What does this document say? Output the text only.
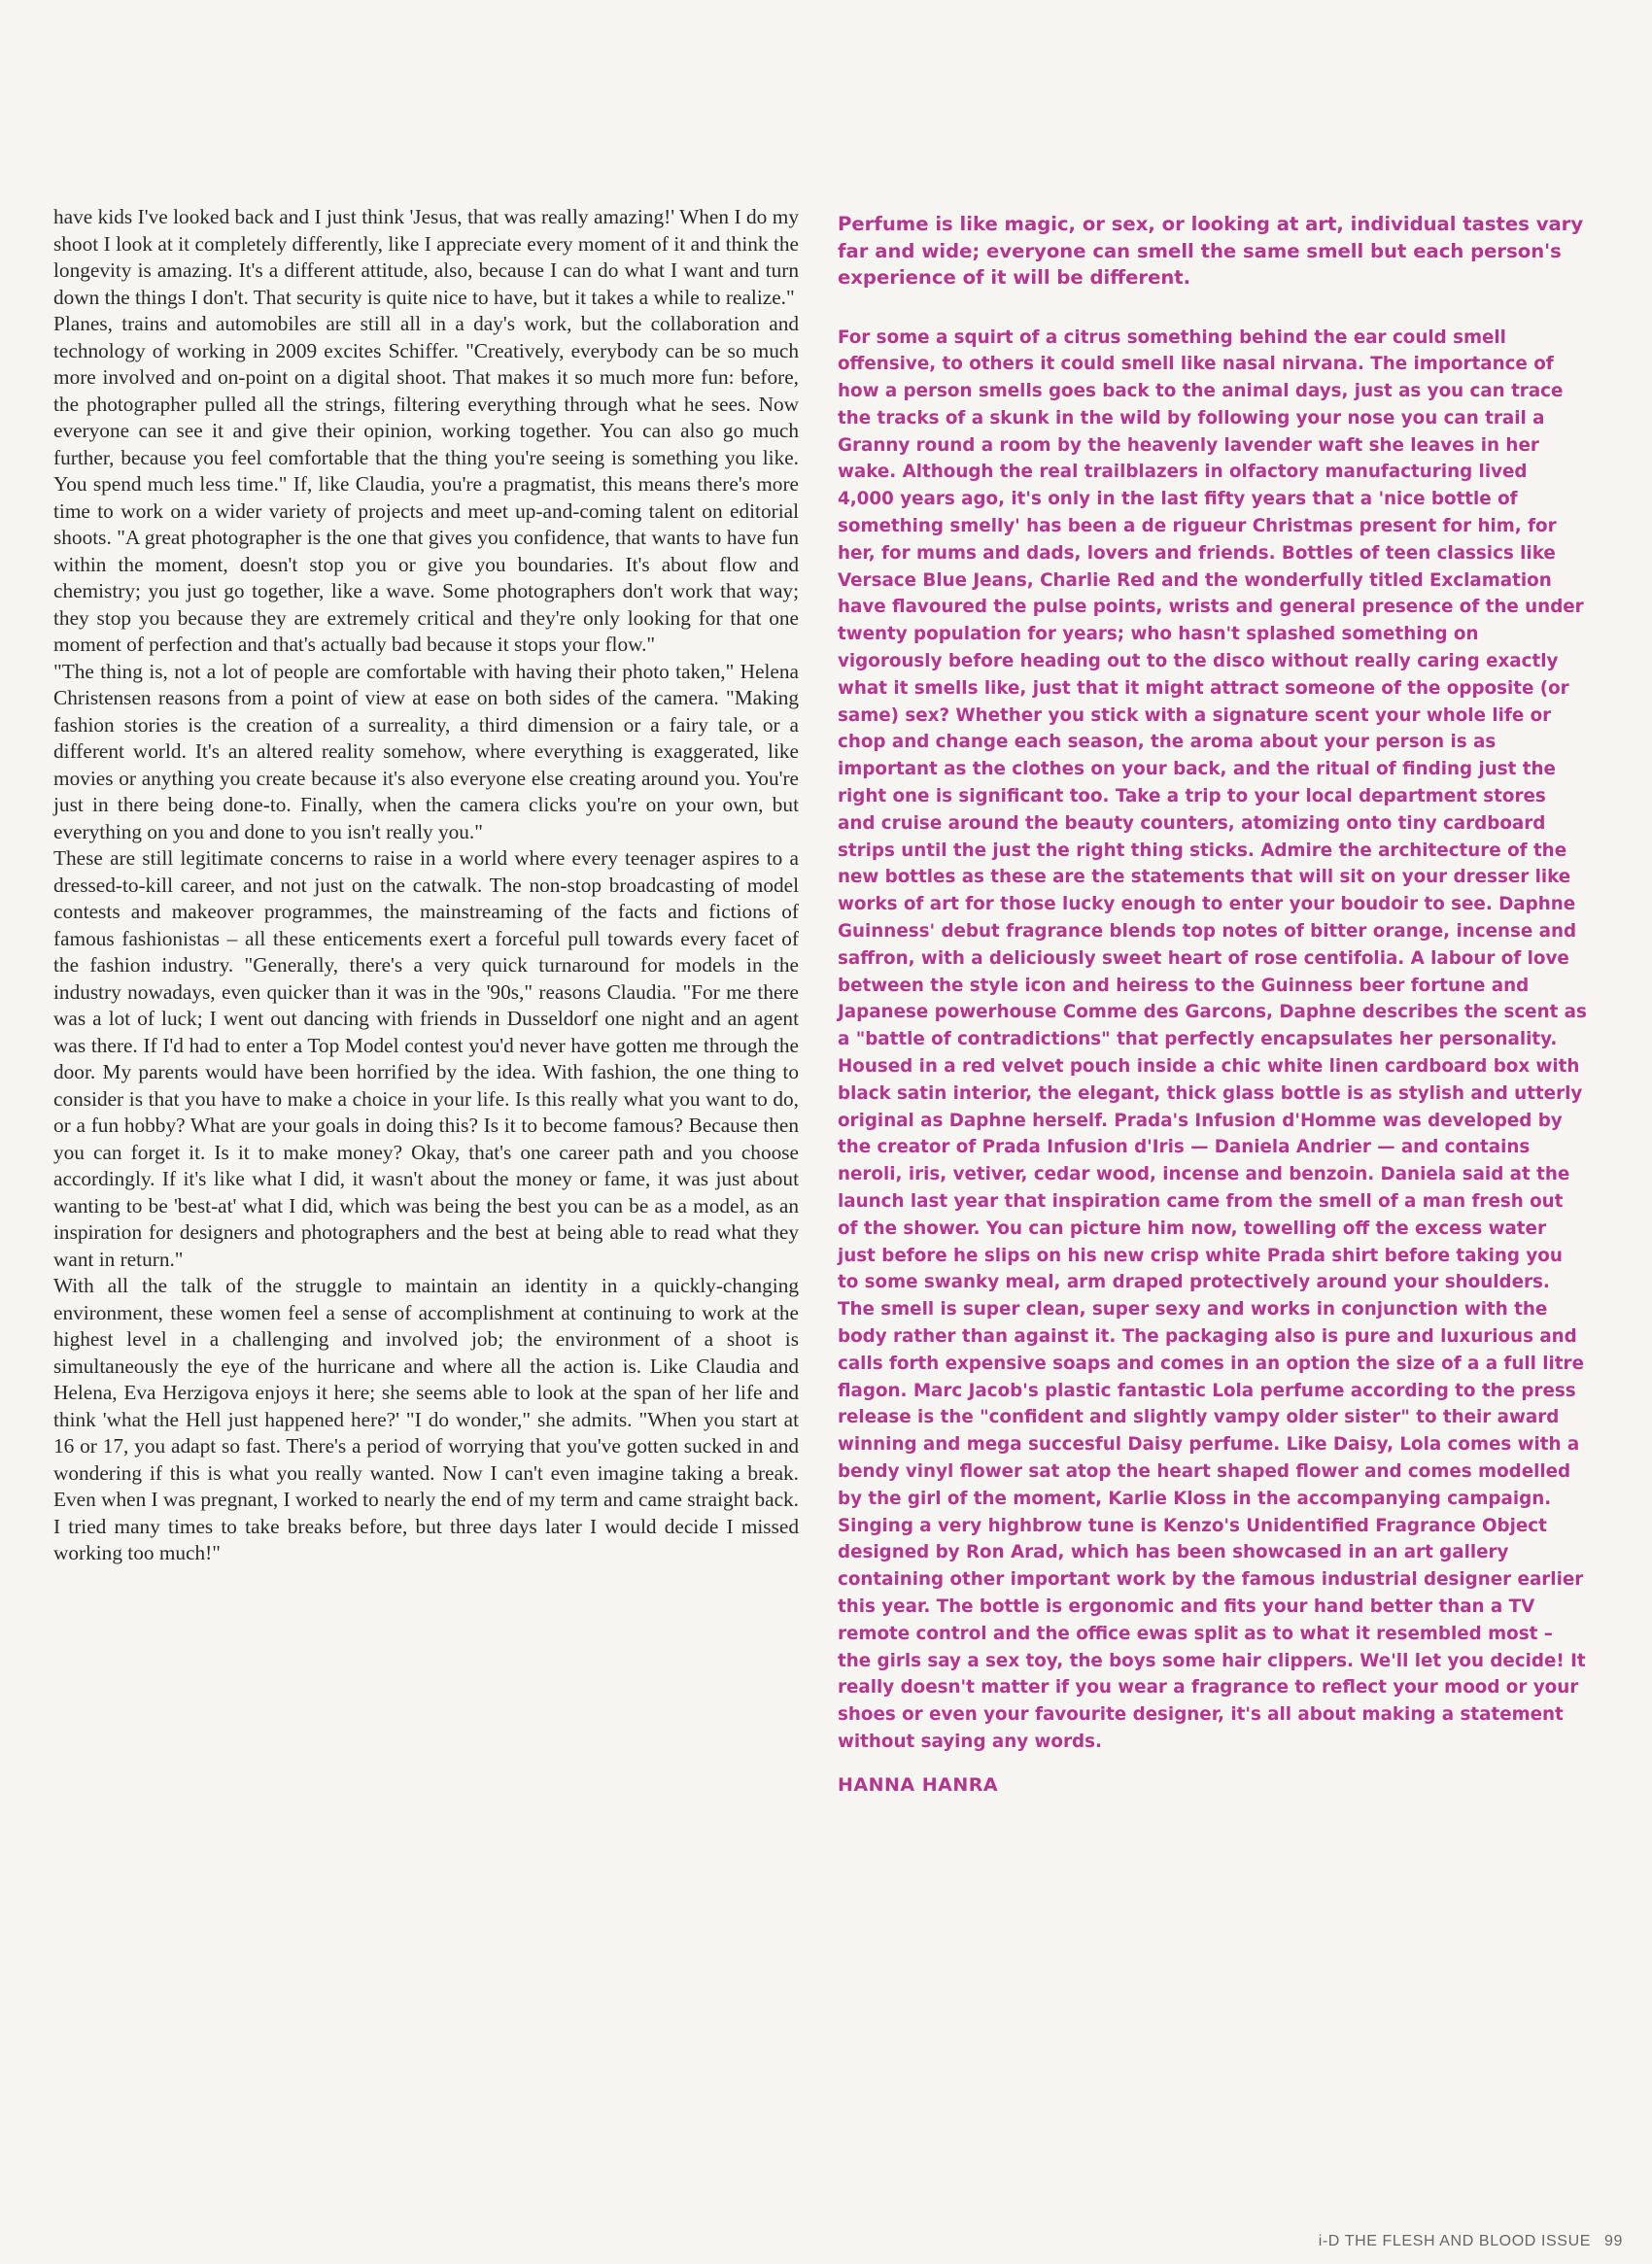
have kids I've looked back and I just think 'Jesus, that was really amazing!' When I do my shoot I look at it completely differently, like I appreciate every moment of it and think the longevity is amazing. It's a different attitude, also, because I can do what I want and turn down the things I don't. That security is quite nice to have, but it takes a while to realize."

Planes, trains and automobiles are still all in a day's work, but the collaboration and technology of working in 2009 excites Schiffer. "Creatively, everybody can be so much more involved and on-point on a digital shoot. That makes it so much more fun: before, the photographer pulled all the strings, filtering everything through what he sees. Now everyone can see it and give their opinion, working together. You can also go much further, because you feel comfortable that the thing you're seeing is something you like. You spend much less time." If, like Claudia, you're a pragmatist, this means there's more time to work on a wider variety of projects and meet up-and-coming talent on editorial shoots. "A great photographer is the one that gives you confidence, that wants to have fun within the moment, doesn't stop you or give you boundaries. It's about flow and chemistry; you just go together, like a wave. Some photographers don't work that way; they stop you because they are extremely critical and they're only looking for that one moment of perfection and that's actually bad because it stops your flow."

"The thing is, not a lot of people are comfortable with having their photo taken," Helena Christensen reasons from a point of view at ease on both sides of the camera. "Making fashion stories is the creation of a surreality, a third dimension or a fairy tale, or a different world. It's an altered reality somehow, where everything is exaggerated, like movies or anything you create because it's also everyone else creating around you. You're just in there being done-to. Finally, when the camera clicks you're on your own, but everything on you and done to you isn't really you."

These are still legitimate concerns to raise in a world where every teenager aspires to a dressed-to-kill career, and not just on the catwalk. The non-stop broadcasting of model contests and makeover programmes, the mainstreaming of the facts and fictions of famous fashionistas – all these enticements exert a forceful pull towards every facet of the fashion industry. "Generally, there's a very quick turnaround for models in the industry nowadays, even quicker than it was in the '90s," reasons Claudia. "For me there was a lot of luck; I went out dancing with friends in Dusseldorf one night and an agent was there. If I'd had to enter a Top Model contest you'd never have gotten me through the door. My parents would have been horrified by the idea. With fashion, the one thing to consider is that you have to make a choice in your life. Is this really what you want to do, or a fun hobby? What are your goals in doing this? Is it to become famous? Because then you can forget it. Is it to make money? Okay, that's one career path and you choose accordingly. If it's like what I did, it wasn't about the money or fame, it was just about wanting to be 'best-at' what I did, which was being the best you can be as a model, as an inspiration for designers and photographers and the best at being able to read what they want in return."

With all the talk of the struggle to maintain an identity in a quickly-changing environment, these women feel a sense of accomplishment at continuing to work at the highest level in a challenging and involved job; the environment of a shoot is simultaneously the eye of the hurricane and where all the action is. Like Claudia and Helena, Eva Herzigova enjoys it here; she seems able to look at the span of her life and think 'what the Hell just happened here?' "I do wonder," she admits. "When you start at 16 or 17, you adapt so fast. There's a period of worrying that you've gotten sucked in and wondering if this is what you really wanted. Now I can't even imagine taking a break. Even when I was pregnant, I worked to nearly the end of my term and came straight back. I tried many times to take breaks before, but three days later I would decide I missed working too much!"

Perfume is like magic, or sex, or looking at art, individual tastes vary far and wide; everyone can smell the same smell but each person's experience of it will be different.

For some a squirt of a citrus something behind the ear could smell offensive, to others it could smell like nasal nirvana. The importance of how a person smells goes back to the animal days, just as you can trace the tracks of a skunk in the wild by following your nose you can trail a Granny round a room by the heavenly lavender waft she leaves in her wake. Although the real trailblazers in olfactory manufacturing lived 4,000 years ago, it's only in the last fifty years that a 'nice bottle of something smelly' has been a de rigueur Christmas present for him, for her, for mums and dads, lovers and friends. Bottles of teen classics like Versace Blue Jeans, Charlie Red and the wonderfully titled Exclamation have flavoured the pulse points, wrists and general presence of the under twenty population for years; who hasn't splashed something on vigorously before heading out to the disco without really caring exactly what it smells like, just that it might attract someone of the opposite (or same) sex? Whether you stick with a signature scent your whole life or chop and change each season, the aroma about your person is as important as the clothes on your back, and the ritual of finding just the right one is significant too. Take a trip to your local department stores and cruise around the beauty counters, atomizing onto tiny cardboard strips until the just the right thing sticks. Admire the architecture of the new bottles as these are the statements that will sit on your dresser like works of art for those lucky enough to enter your boudoir to see. Daphne Guinness' debut fragrance blends top notes of bitter orange, incense and saffron, with a deliciously sweet heart of rose centifolia. A labour of love between the style icon and heiress to the Guinness beer fortune and Japanese powerhouse Comme des Garcons, Daphne describes the scent as a "battle of contradictions" that perfectly encapsulates her personality. Housed in a red velvet pouch inside a chic white linen cardboard box with black satin interior, the elegant, thick glass bottle is as stylish and utterly original as Daphne herself. Prada's Infusion d'Homme was developed by the creator of Prada Infusion d'Iris — Daniela Andrier — and contains neroli, iris, vetiver, cedar wood, incense and benzoin. Daniela said at the launch last year that inspiration came from the smell of a man fresh out of the shower. You can picture him now, towelling off the excess water just before he slips on his new crisp white Prada shirt before taking you to some swanky meal, arm draped protectively around your shoulders. The smell is super clean, super sexy and works in conjunction with the body rather than against it. The packaging also is pure and luxurious and calls forth expensive soaps and comes in an option the size of a a full litre flagon. Marc Jacob's plastic fantastic Lola perfume according to the press release is the "confident and slightly vampy older sister" to their award winning and mega succesful Daisy perfume. Like Daisy, Lola comes with a bendy vinyl flower sat atop the heart shaped flower and comes modelled by the girl of the moment, Karlie Kloss in the accompanying campaign. Singing a very highbrow tune is Kenzo's Unidentified Fragrance Object designed by Ron Arad, which has been showcased in an art gallery containing other important work by the famous industrial designer earlier this year. The bottle is ergonomic and fits your hand better than a TV remote control and the office ewas split as to what it resembled most – the girls say a sex toy, the boys some hair clippers. We'll let you decide! It really doesn't matter if you wear a fragrance to reflect your mood or your shoes or even your favourite designer, it's all about making a statement without saying any words.

HANNA HANRA

i-D THE FLESH AND BLOOD ISSUE 99
